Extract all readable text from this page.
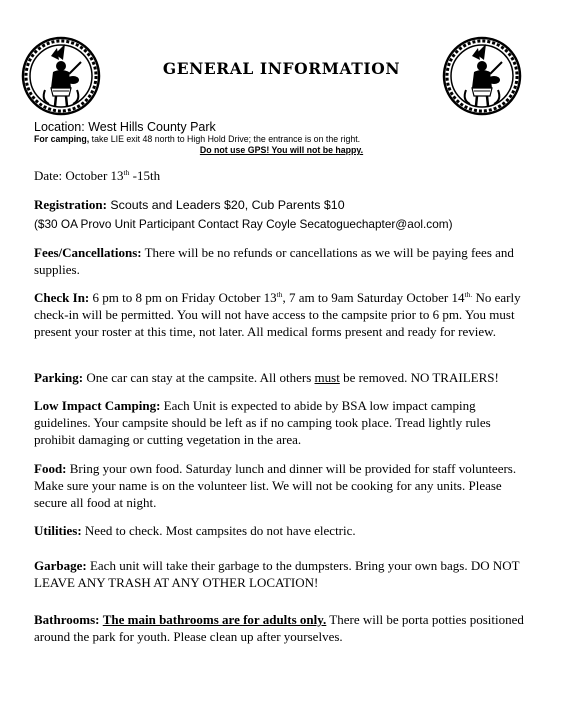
GENERAL INFORMATION
Location: West Hills County Park
For camping, take LIE exit 48 north to High Hold Drive; the entrance is on the right.
Do not use GPS! You will not be happy.
Date: October 13th -15th
Registration: Scouts and Leaders $20, Cub Parents $10
($30 OA Provo Unit Participant Contact Ray Coyle Secatoguechapter@aol.com)
Fees/Cancellations: There will be no refunds or cancellations as we will be paying fees and supplies.
Check In: 6 pm to 8 pm on Friday October 13th, 7 am to 9am Saturday October $14^{th.}$ No early check-in will be permitted. You will not have access to the campsite prior to 6 pm. You must present your roster at this time, not later. All medical forms present and ready for review.
Parking: One car can stay at the campsite. All others must be removed. NO TRAILERS!
Low Impact Camping: Each Unit is expected to abide by BSA low impact camping guidelines. Your campsite should be left as if no camping took place. Tread lightly rules prohibit damaging or cutting vegetation in the area.
Food: Bring your own food. Saturday lunch and dinner will be provided for staff volunteers. Make sure your name is on the volunteer list. We will not be cooking for any units. Please secure all food at night.
Utilities: Need to check. Most campsites do not have electric.
Garbage: Each unit will take their garbage to the dumpsters. Bring your own bags. DO NOT LEAVE ANY TRASH AT ANY OTHER LOCATION!
Bathrooms: The main bathrooms are for adults only. There will be porta potties positioned around the park for youth. Please clean up after yourselves.
